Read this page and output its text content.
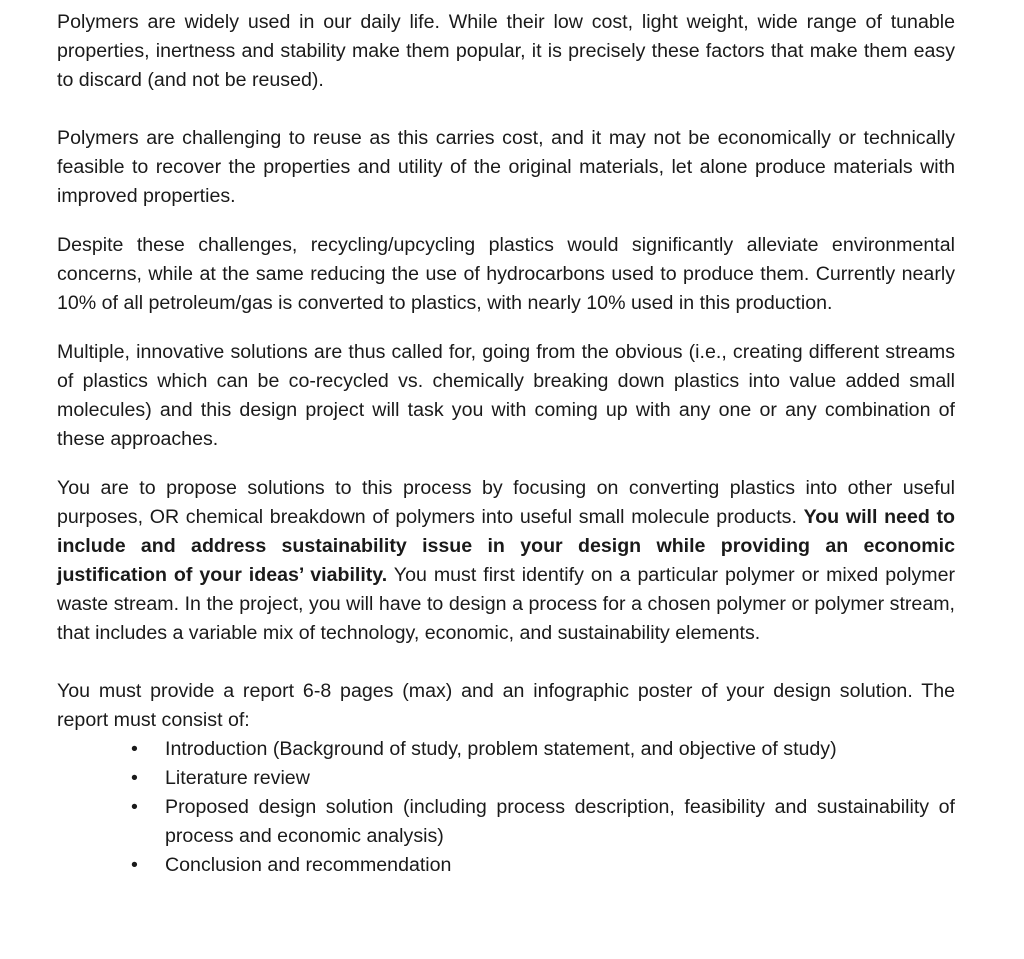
Polymers are widely used in our daily life. While their low cost, light weight, wide range of tunable properties, inertness and stability make them popular, it is precisely these factors that make them easy to discard (and not be reused).

Polymers are challenging to reuse as this carries cost, and it may not be economically or technically feasible to recover the properties and utility of the original materials, let alone produce materials with improved properties.

Despite these challenges, recycling/upcycling plastics would significantly alleviate environmental concerns, while at the same reducing the use of hydrocarbons used to produce them. Currently nearly 10% of all petroleum/gas is converted to plastics, with nearly 10% used in this production.

Multiple, innovative solutions are thus called for, going from the obvious (i.e., creating different streams of plastics which can be co-recycled vs. chemically breaking down plastics into value added small molecules) and this design project will task you with coming up with any one or any combination of these approaches.

You are to propose solutions to this process by focusing on converting plastics into other useful purposes, OR chemical breakdown of polymers into useful small molecule products. You will need to include and address sustainability issue in your design while providing an economic justification of your ideas’ viability. You must first identify on a particular polymer or mixed polymer waste stream. In the project, you will have to design a process for a chosen polymer or polymer stream, that includes a variable mix of technology, economic, and sustainability elements.

You must provide a report 6-8 pages (max) and an infographic poster of your design solution. The report must consist of:

• Introduction (Background of study, problem statement, and objective of study)
• Literature review
• Proposed design solution (including process description, feasibility and sustainability of process and economic analysis)
• Conclusion and recommendation
